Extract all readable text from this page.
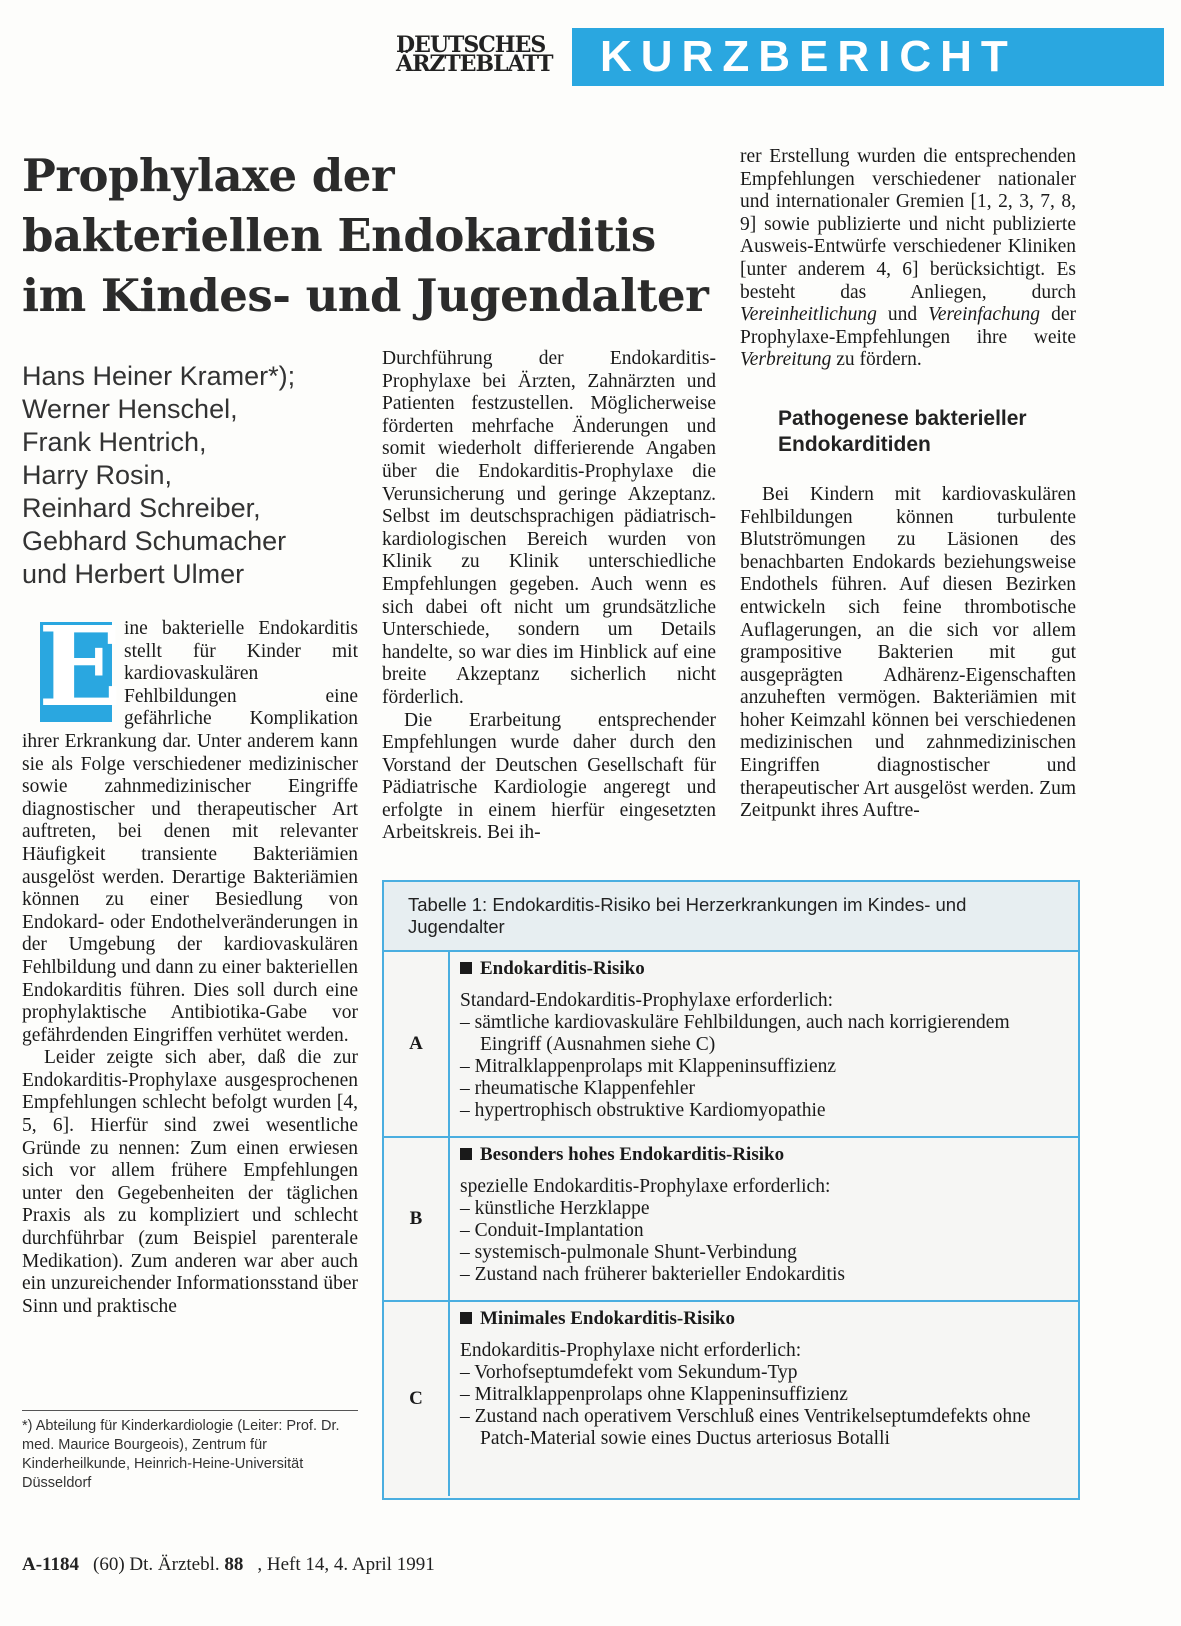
DEUTSCHES
ÄRZTEBLATT KURZBERICHT
Prophylaxe der
bakteriellen Endokarditis
im Kindes- und Jugendalter
Hans Heiner Kramer*);
Werner Henschel,
Frank Hentrich,
Harry Rosin,
Reinhard Schreiber,
Gebhard Schumacher
und Herbert Ulmer
E ine bakterielle Endokarditis stellt für Kinder mit kardiovaskulären Fehlbildungen eine gefährliche Komplikation ihrer Erkrankung dar. Unter anderem kann sie als Folge verschiedener medizinischer sowie zahnmedizinischer Eingriffe diagnostischer und therapeutischer Art auftreten, bei denen mit relevanter Häufigkeit transiente Bakteriämien ausgelöst werden. Derartige Bakteriämien können zu einer Besiedlung von Endokard- oder Endothelveränderungen in der Umgebung der kardiovaskulären Fehlbildung und dann zu einer bakteriellen Endokarditis führen. Dies soll durch eine prophylaktische Antibiotika-Gabe vor gefährdenden Eingriffen verhütet werden.

Leider zeigte sich aber, daß die zur Endokarditis-Prophylaxe ausgesprochenen Empfehlungen schlecht befolgt wurden [4, 5, 6]. Hierfür sind zwei wesentliche Gründe zu nennen: Zum einen erwiesen sich vor allem frühere Empfehlungen unter den Gegebenheiten der täglichen Praxis als zu kompliziert und schlecht durchführbar (zum Beispiel parenterale Medikation). Zum anderen war aber auch ein unzureichender Informationsstand über Sinn und praktische

Durchführung der Endokarditis-Prophylaxe bei Ärzten, Zahnärzten und Patienten festzustellen. Möglicherweise förderten mehrfache Änderungen und somit wiederholt differierende Angaben über die Endokarditis-Prophylaxe die Verunsicherung und geringe Akzeptanz. Selbst im deutschsprachigen pädiatrisch-kardiologischen Bereich wurden von Klinik zu Klinik unterschiedliche Empfehlungen gegeben. Auch wenn es sich dabei oft nicht um grundsätzliche Unterschiede, sondern um Details handelte, so war dies im Hinblick auf eine breite Akzeptanz sicherlich nicht förderlich.

Die Erarbeitung entsprechender Empfehlungen wurde daher durch den Vorstand der Deutschen Gesellschaft für Pädiatrische Kardiologie angeregt und erfolgte in einem hierfür eingesetzten Arbeitskreis. Bei ih-

rer Erstellung wurden die entsprechenden Empfehlungen verschiedener nationaler und internationaler Gremien [1, 2, 3, 7, 8, 9] sowie publizierte und nicht publizierte Ausweis-Entwürfe verschiedener Kliniken [unter anderem 4, 6] berücksichtigt. Es besteht das Anliegen, durch Vereinheitlichung und Vereinfachung der Prophylaxe-Empfehlungen ihre weite Verbreitung zu fördern.

Pathogenese bakterieller Endokarditiden

Bei Kindern mit kardiovaskulären Fehlbildungen können turbulente Blutströmungen zu Läsionen des benachbarten Endokards beziehungsweise Endothels führen. Auf diesen Bezirken entwickeln sich feine thrombotische Auflagerungen, an die sich vor allem grampositive Bakterien mit gut ausgeprägten Adhärenz-Eigenschaften anzuheften vermögen. Bakteriämien mit hoher Keimzahl können bei verschiedenen medizinischen und zahnmedizinischen Eingriffen diagnostischer und therapeutischer Art ausgelöst werden. Zum Zeitpunkt ihres Auftre-

Tabelle 1: Endokarditis-Risiko bei Herzerkrankungen im Kindes- und Jugendalter
A
Endokarditis-Risiko
Standard-Endokarditis-Prophylaxe erforderlich:
– sämtliche kardiovaskuläre Fehlbildungen, auch nach korrigierendem Eingriff (Ausnahmen siehe C)
– Mitralklappenprolaps mit Klappeninsuffizienz
– rheumatische Klappenfehler
– hypertrophisch obstruktive Kardiomyopathie
B
Besonders hohes Endokarditis-Risiko
spezielle Endokarditis-Prophylaxe erforderlich:
– künstliche Herzklappe
– Conduit-Implantation
– systemisch-pulmonale Shunt-Verbindung
– Zustand nach früherer bakterieller Endokarditis
C
Minimales Endokarditis-Risiko
Endokarditis-Prophylaxe nicht erforderlich:
– Vorhofseptumdefekt vom Sekundum-Typ
– Mitralklappenprolaps ohne Klappeninsuffizienz
– Zustand nach operativem Verschluß eines Ventrikelseptumdefekts ohne Patch-Material sowie eines Ductus arteriosus Botalli
*) Abteilung für Kinderkardiologie (Leiter: Prof. Dr. med. Maurice Bourgeois), Zentrum für Kinderheilkunde, Heinrich-Heine-Universität Düsseldorf
A-1184 (60) Dt. Ärztebl. 88 , Heft 14, 4. April 1991
